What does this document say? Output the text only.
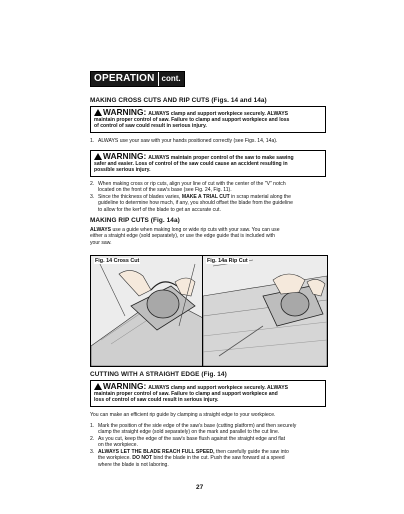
OPERATION cont.
MAKING CROSS CUTS AND RIP CUTS (Figs. 14 and 14a)
WARNING: ALWAYS clamp and support workpiece securely. ALWAYS
maintain proper control of saw. Failure to clamp and support workpiece and loss
of control of saw could result in serious injury.
1. ALWAYS use your saw with your hands positioned correctly (see Figs. 14, 14a).
WARNING: ALWAYS maintain proper control of the saw to make sawing
safer and easier. Loss of control of the saw could cause an accident resulting in
possible serious injury.
2. When making cross or rip cuts, align your line of cut with the center of the "V" notch
located on the front of the saw's base (see Fig. 24, Fig. 11).
3. Since the thickness of blades varies, MAKE A TRIAL CUT in scrap material along the
guideline to determine how much, if any, you should offset the blade from the guideline
to allow for the kerf of the blade to get an accurate cut.
MAKING RIP CUTS (Fig. 14a)
ALWAYS use a guide when making long or wide rip cuts with your saw. You can use
either a straight edge (sold separately), or use the edge guide that is included with
your saw.
Fig. 14 Cross Cut	Fig. 14a Rip Cut
CUTTING WITH A STRAIGHT EDGE (Fig. 14)
WARNING: ALWAYS clamp and support workpiece securely. ALWAYS
maintain proper control of saw. Failure to clamp and support workpiece and
loss of control of saw could result in serious injury.
You can make an efficient rip guide by clamping a straight edge to your workpiece.
1. Mark the position of the side edge of the saw's base (cutting platform) and then securely
clamp the straight edge (sold separately) on the mark and parallel to the cut line.
2. As you cut, keep the edge of the saw's base flush against the straight edge and flat
on the workpiece.
3. ALWAYS LET THE BLADE REACH FULL SPEED, then carefully guide the saw into
the workpiece. DO NOT bind the blade in the cut. Push the saw forward at a speed
where the blade is not laboring.
27
